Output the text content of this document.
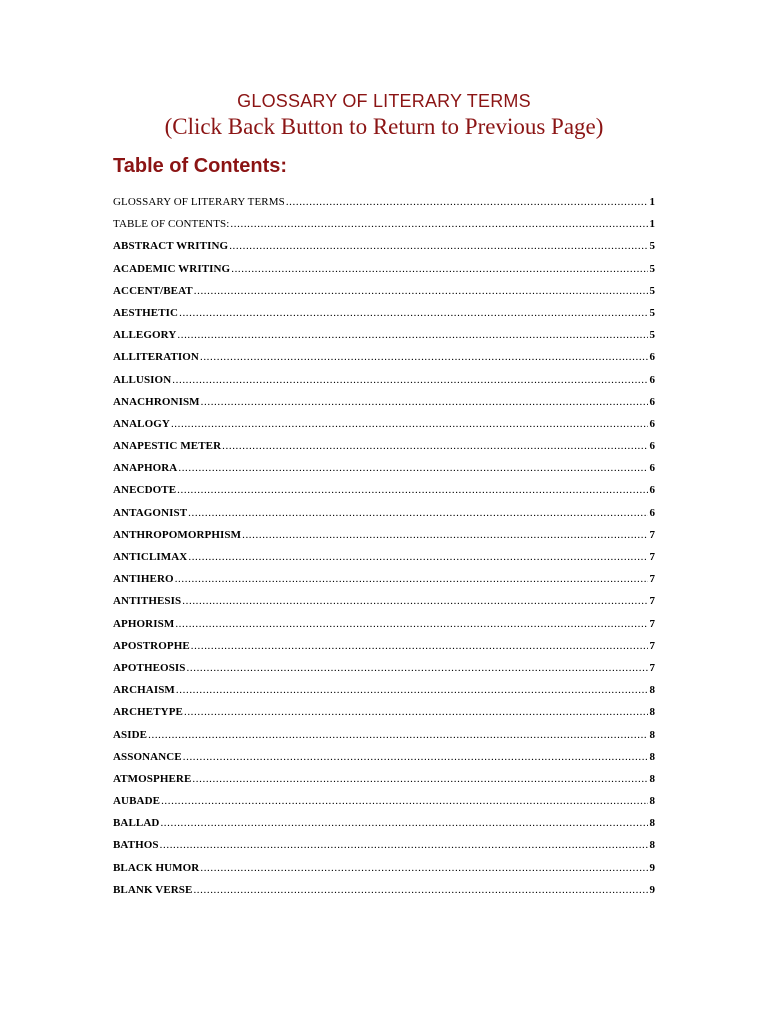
GLOSSARY OF LITERARY TERMS
(Click Back Button to Return to Previous Page)
Table of Contents:
GLOSSARY OF LITERARY TERMS .....	1
TABLE OF CONTENTS: .....	1
ABSTRACT WRITING .....	5
ACADEMIC WRITING .....	5
ACCENT/BEAT .....	5
AESTHETIC .....	5
ALLEGORY .....	5
ALLITERATION .....	6
ALLUSION .....	6
ANACHRONISM .....	6
ANALOGY .....	6
ANAPESTIC METER .....	6
ANAPHORA .....	6
ANECDOTE .....	6
ANTAGONIST .....	6
ANTHROPOMORPHISM .....	7
ANTICLIMAX .....	7
ANTIHERO .....	7
ANTITHESIS .....	7
APHORISM .....	7
APOSTROPHE .....	7
APOTHEOSIS .....	7
ARCHAISM .....	8
ARCHETYPE .....	8
ASIDE .....	8
ASSONANCE .....	8
ATMOSPHERE .....	8
AUBADE .....	8
BALLAD .....	8
BATHOS .....	8
BLACK HUMOR .....	9
BLANK VERSE .....	9
